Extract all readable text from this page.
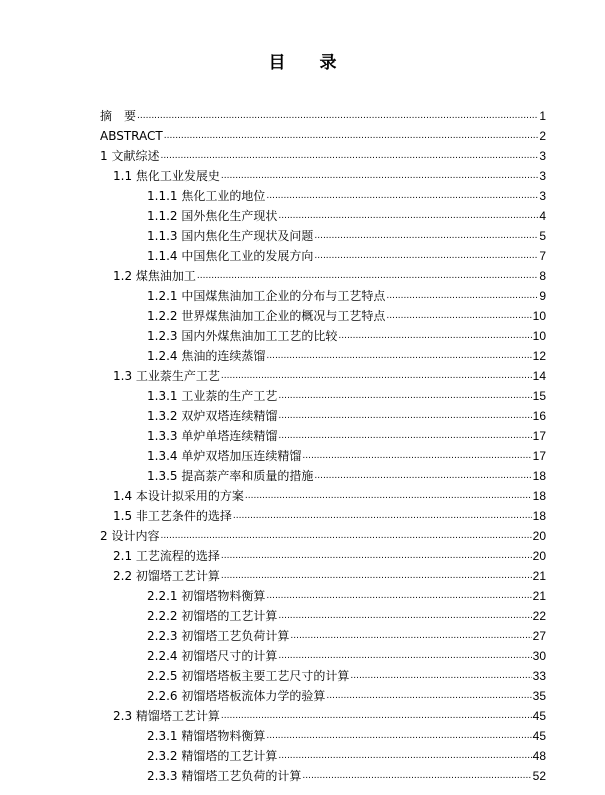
目 录
摘　要 .....	1
ABSTRACT .....	2
1 文献综述 .....	3
1.1 焦化工业发展史 .....	3
1.1.1 焦化工业的地位 .....	3
1.1.2 国外焦化生产现状 .....	4
1.1.3 国内焦化生产现状及问题 .....	5
1.1.4 中国焦化工业的发展方向 .....	7
1.2 煤焦油加工 .....	8
1.2.1 中国煤焦油加工企业的分布与工艺特点 .....	9
1.2.2 世界煤焦油加工企业的概况与工艺特点 .....	10
1.2.3 国内外煤焦油加工工艺的比较 .....	10
1.2.4 焦油的连续蒸馏 .....	12
1.3 工业萘生产工艺 .....	14
1.3.1 工业萘的生产工艺 .....	15
1.3.2 双炉双塔连续精馏 .....	16
1.3.3 单炉单塔连续精馏 .....	17
1.3.4 单炉双塔加压连续精馏 .....	17
1.3.5 提高萘产率和质量的措施 .....	18
1.4 本设计拟采用的方案 .....	18
1.5 非工艺条件的选择 .....	18
2 设计内容 .....	20
2.1 工艺流程的选择 .....	20
2.2 初馏塔工艺计算 .....	21
2.2.1 初馏塔物料衡算 .....	21
2.2.2 初馏塔的工艺计算 .....	22
2.2.3 初馏塔工艺负荷计算 .....	27
2.2.4 初馏塔尺寸的计算 .....	30
2.2.5 初馏塔塔板主要工艺尺寸的计算 .....	33
2.2.6 初馏塔塔板流体力学的验算 .....	35
2.3 精馏塔工艺计算 .....	45
2.3.1 精馏塔物料衡算 .....	45
2.3.2 精馏塔的工艺计算 .....	48
2.3.3 精馏塔工艺负荷的计算 .....	52
